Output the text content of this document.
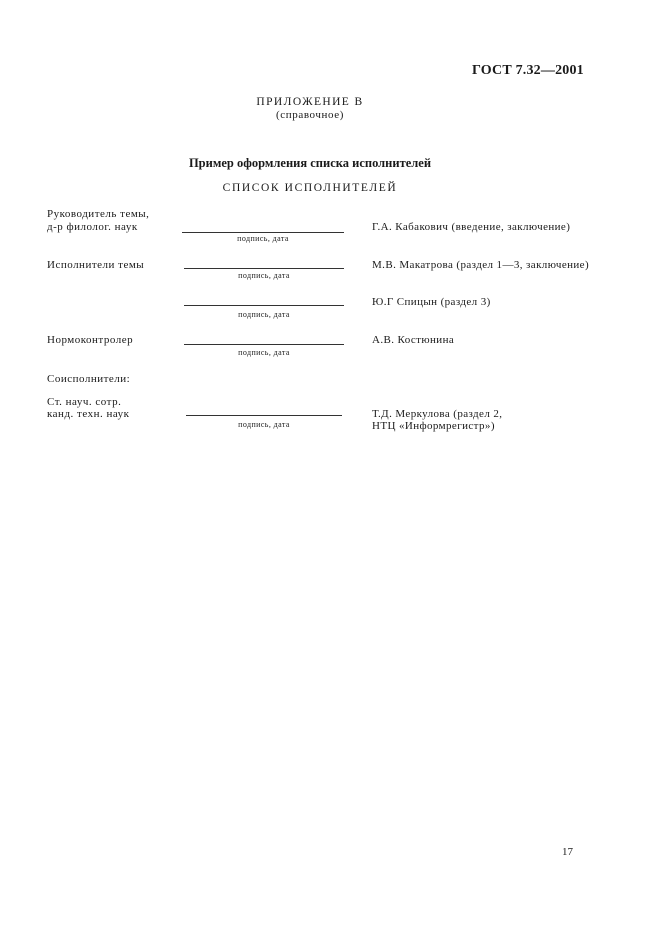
ГОСТ 7.32—2001
ПРИЛОЖЕНИЕ В
(справочное)
Пример оформления списка исполнителей
СПИСОК ИСПОЛНИТЕЛЕЙ
Руководитель темы,
д-р филолог. наук
подпись, дата
Г.А. Кабакович (введение, заключение)
Исполнители темы
подпись, дата
М.В. Макатрова (раздел 1—3, заключение)
подпись, дата
Ю.Г Спицын (раздел 3)
Нормоконтролер
подпись, дата
А.В. Костюнина
Соисполнители:
Ст. науч. сотр.
канд. техн. наук
подпись, дата
Т.Д. Меркулова (раздел 2,
НТЦ «Информрегистр»)
17
